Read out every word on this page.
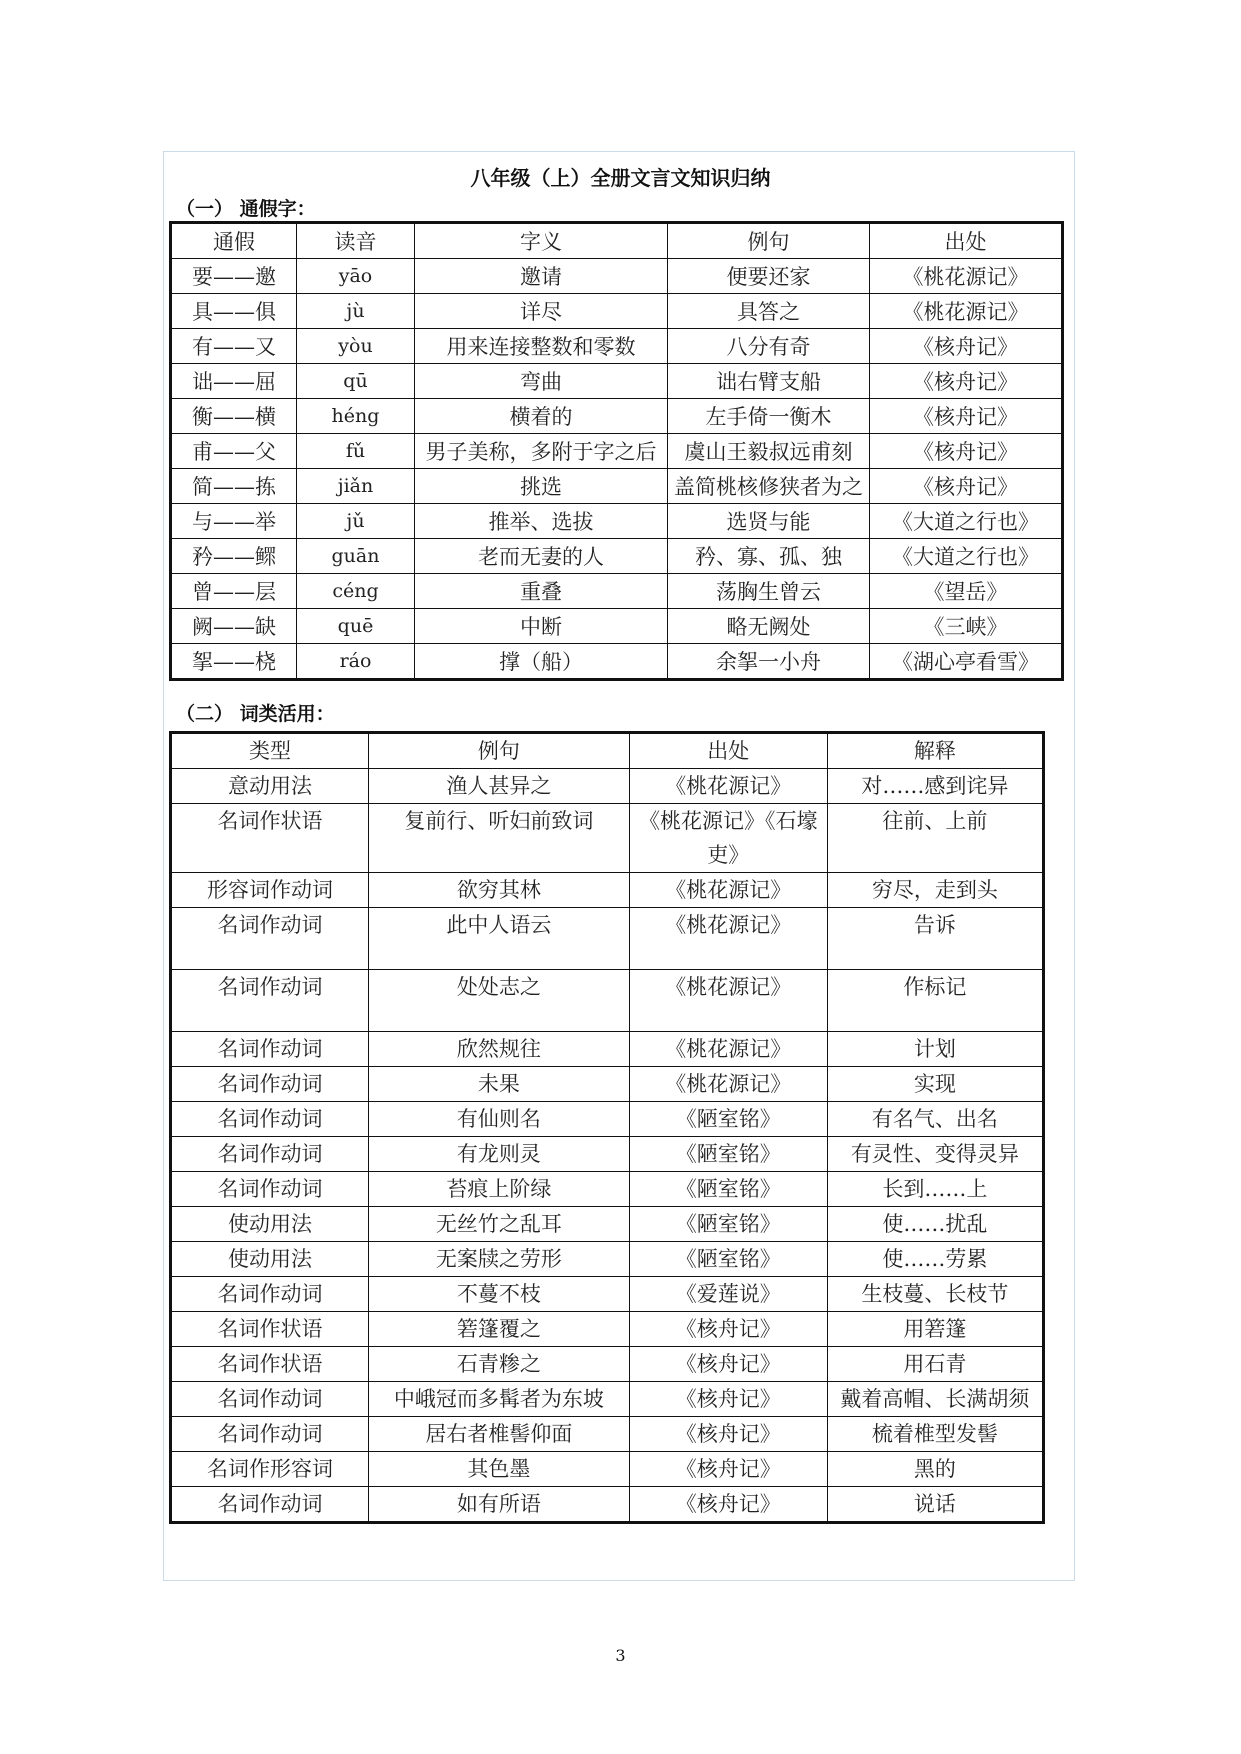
八年级（上）全册文言文知识归纳
（一） 通假字：
通假	读音	字义	例句	出处
要——邀	yāo	邀请	便要还家	《桃花源记》
具——俱	jù	详尽	具答之	《桃花源记》
有——又	yòu	用来连接整数和零数	八分有奇	《核舟记》
诎——屈	qū	弯曲	诎右臂支船	《核舟记》
衡——横	héng	横着的	左手倚一衡木	《核舟记》
甫——父	fǔ	男子美称，多附于字之后	虞山王毅叔远甫刻	《核舟记》
简——拣	jiǎn	挑选	盖简桃核修狭者为之	《核舟记》
与——举	jǔ	推举、选拔	选贤与能	《大道之行也》
矜——鳏	guān	老而无妻的人	矜、寡、孤、独	《大道之行也》
曾——层	céng	重叠	荡胸生曾云	《望岳》
阙——缺	quē	中断	略无阙处	《三峡》
挐——桡	ráo	撑（船）	余挐一小舟	《湖心亭看雪》
（二） 词类活用：
类型	例句	出处	解释
意动用法	渔人甚异之	《桃花源记》	对……感到诧异
名词作状语	复前行、听妇前致词	《桃花源记》《石壕吏》	往前、上前
形容词作动词	欲穷其林	《桃花源记》	穷尽，走到头
名词作动词	此中人语云	《桃花源记》	告诉
名词作动词	处处志之	《桃花源记》	作标记
名词作动词	欣然规往	《桃花源记》	计划
名词作动词	未果	《桃花源记》	实现
名词作动词	有仙则名	《陋室铭》	有名气、出名
名词作动词	有龙则灵	《陋室铭》	有灵性、变得灵异
名词作动词	苔痕上阶绿	《陋室铭》	长到……上
使动用法	无丝竹之乱耳	《陋室铭》	使……扰乱
使动用法	无案牍之劳形	《陋室铭》	使……劳累
名词作动词	不蔓不枝	《爱莲说》	生枝蔓、长枝节
名词作状语	箬篷覆之	《核舟记》	用箬篷
名词作状语	石青糁之	《核舟记》	用石青
名词作动词	中峨冠而多髯者为东坡	《核舟记》	戴着高帽、长满胡须
名词作动词	居右者椎髻仰面	《核舟记》	梳着椎型发髻
名词作形容词	其色墨	《核舟记》	黑的
名词作动词	如有所语	《核舟记》	说话
3
